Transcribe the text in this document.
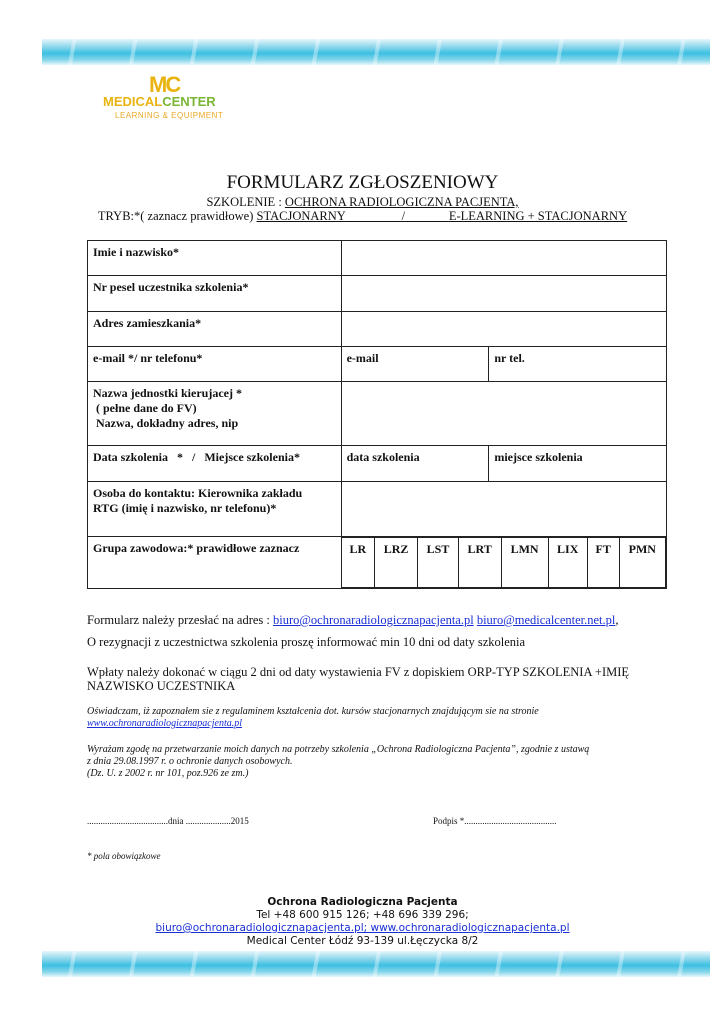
MC
MEDICALCENTER
LEARNING & EQUIPMENT
FORMULARZ ZGŁOSZENIOWY
SZKOLENIE : OCHRONA RADIOLOGICZNA PACJENTA,
TRYB:*( zaznacz prawidłowe) STACJONARNY	/	E-LEARNING + STACJONARNY
Imie i nazwisko*	
Nr pesel uczestnika szkolenia*	
Adres zamieszkania*	
e-mail */ nr telefonu*	e-mail	nr tel.

Nazwa jednostki kierujacej *
( pełne dane do FV)
Nazwa, dokładny adres, nip

Data szkolenia   *   /   Miejsce szkolenia*	data szkolenia	miejsce szkolenia

Osoba do kontaktu: Kierownika zakładu
RTG (imię i nazwisko, nr telefonu)*

Grupa zawodowa:* prawidłowe zaznacz		LR	LRZ	LST	LRT	LMN	LIX	FT	PMN
Formularz należy przesłać na adres : biuro@ochronaradiologicznapacjenta.pl biuro@medicalcenter.net.pl,
O rezygnacji z uczestnictwa szkolenia proszę informować min 10 dni od daty szkolenia
Wpłaty należy dokonać w ciągu 2 dni od daty wystawienia FV z dopiskiem ORP-TYP SZKOLENIA +IMIĘ NAZWISKO UCZESTNIKA
Oświadczam, iż zapoznałem sie z regulaminem kształcenia dot. kursów stacjonarnych znajdującym sie na stronie
www.ochronaradiologicznapacjenta.pl
Wyrażam zgodę na przetwarzanie moich danych na potrzeby szkolenia „Ochrona Radiologiczna Pacjenta”, zgodnie z ustawą
z dnia 29.08.1997 r. o ochronie danych osobowych.
(Dz. U. z 2002 r. nr 101, poz.926 ze zm.)
....................................dnia ....................2015	Podpis *.........................................
* pola obowiązkowe
Ochrona Radiologiczna Pacjenta
Tel +48 600 915 126; +48 696 339 296;
biuro@ochronaradiologicznapacjenta.pl; www.ochronaradiologicznapacjenta.pl
Medical Center Łódź 93-139 ul.Łęczycka 8/2
